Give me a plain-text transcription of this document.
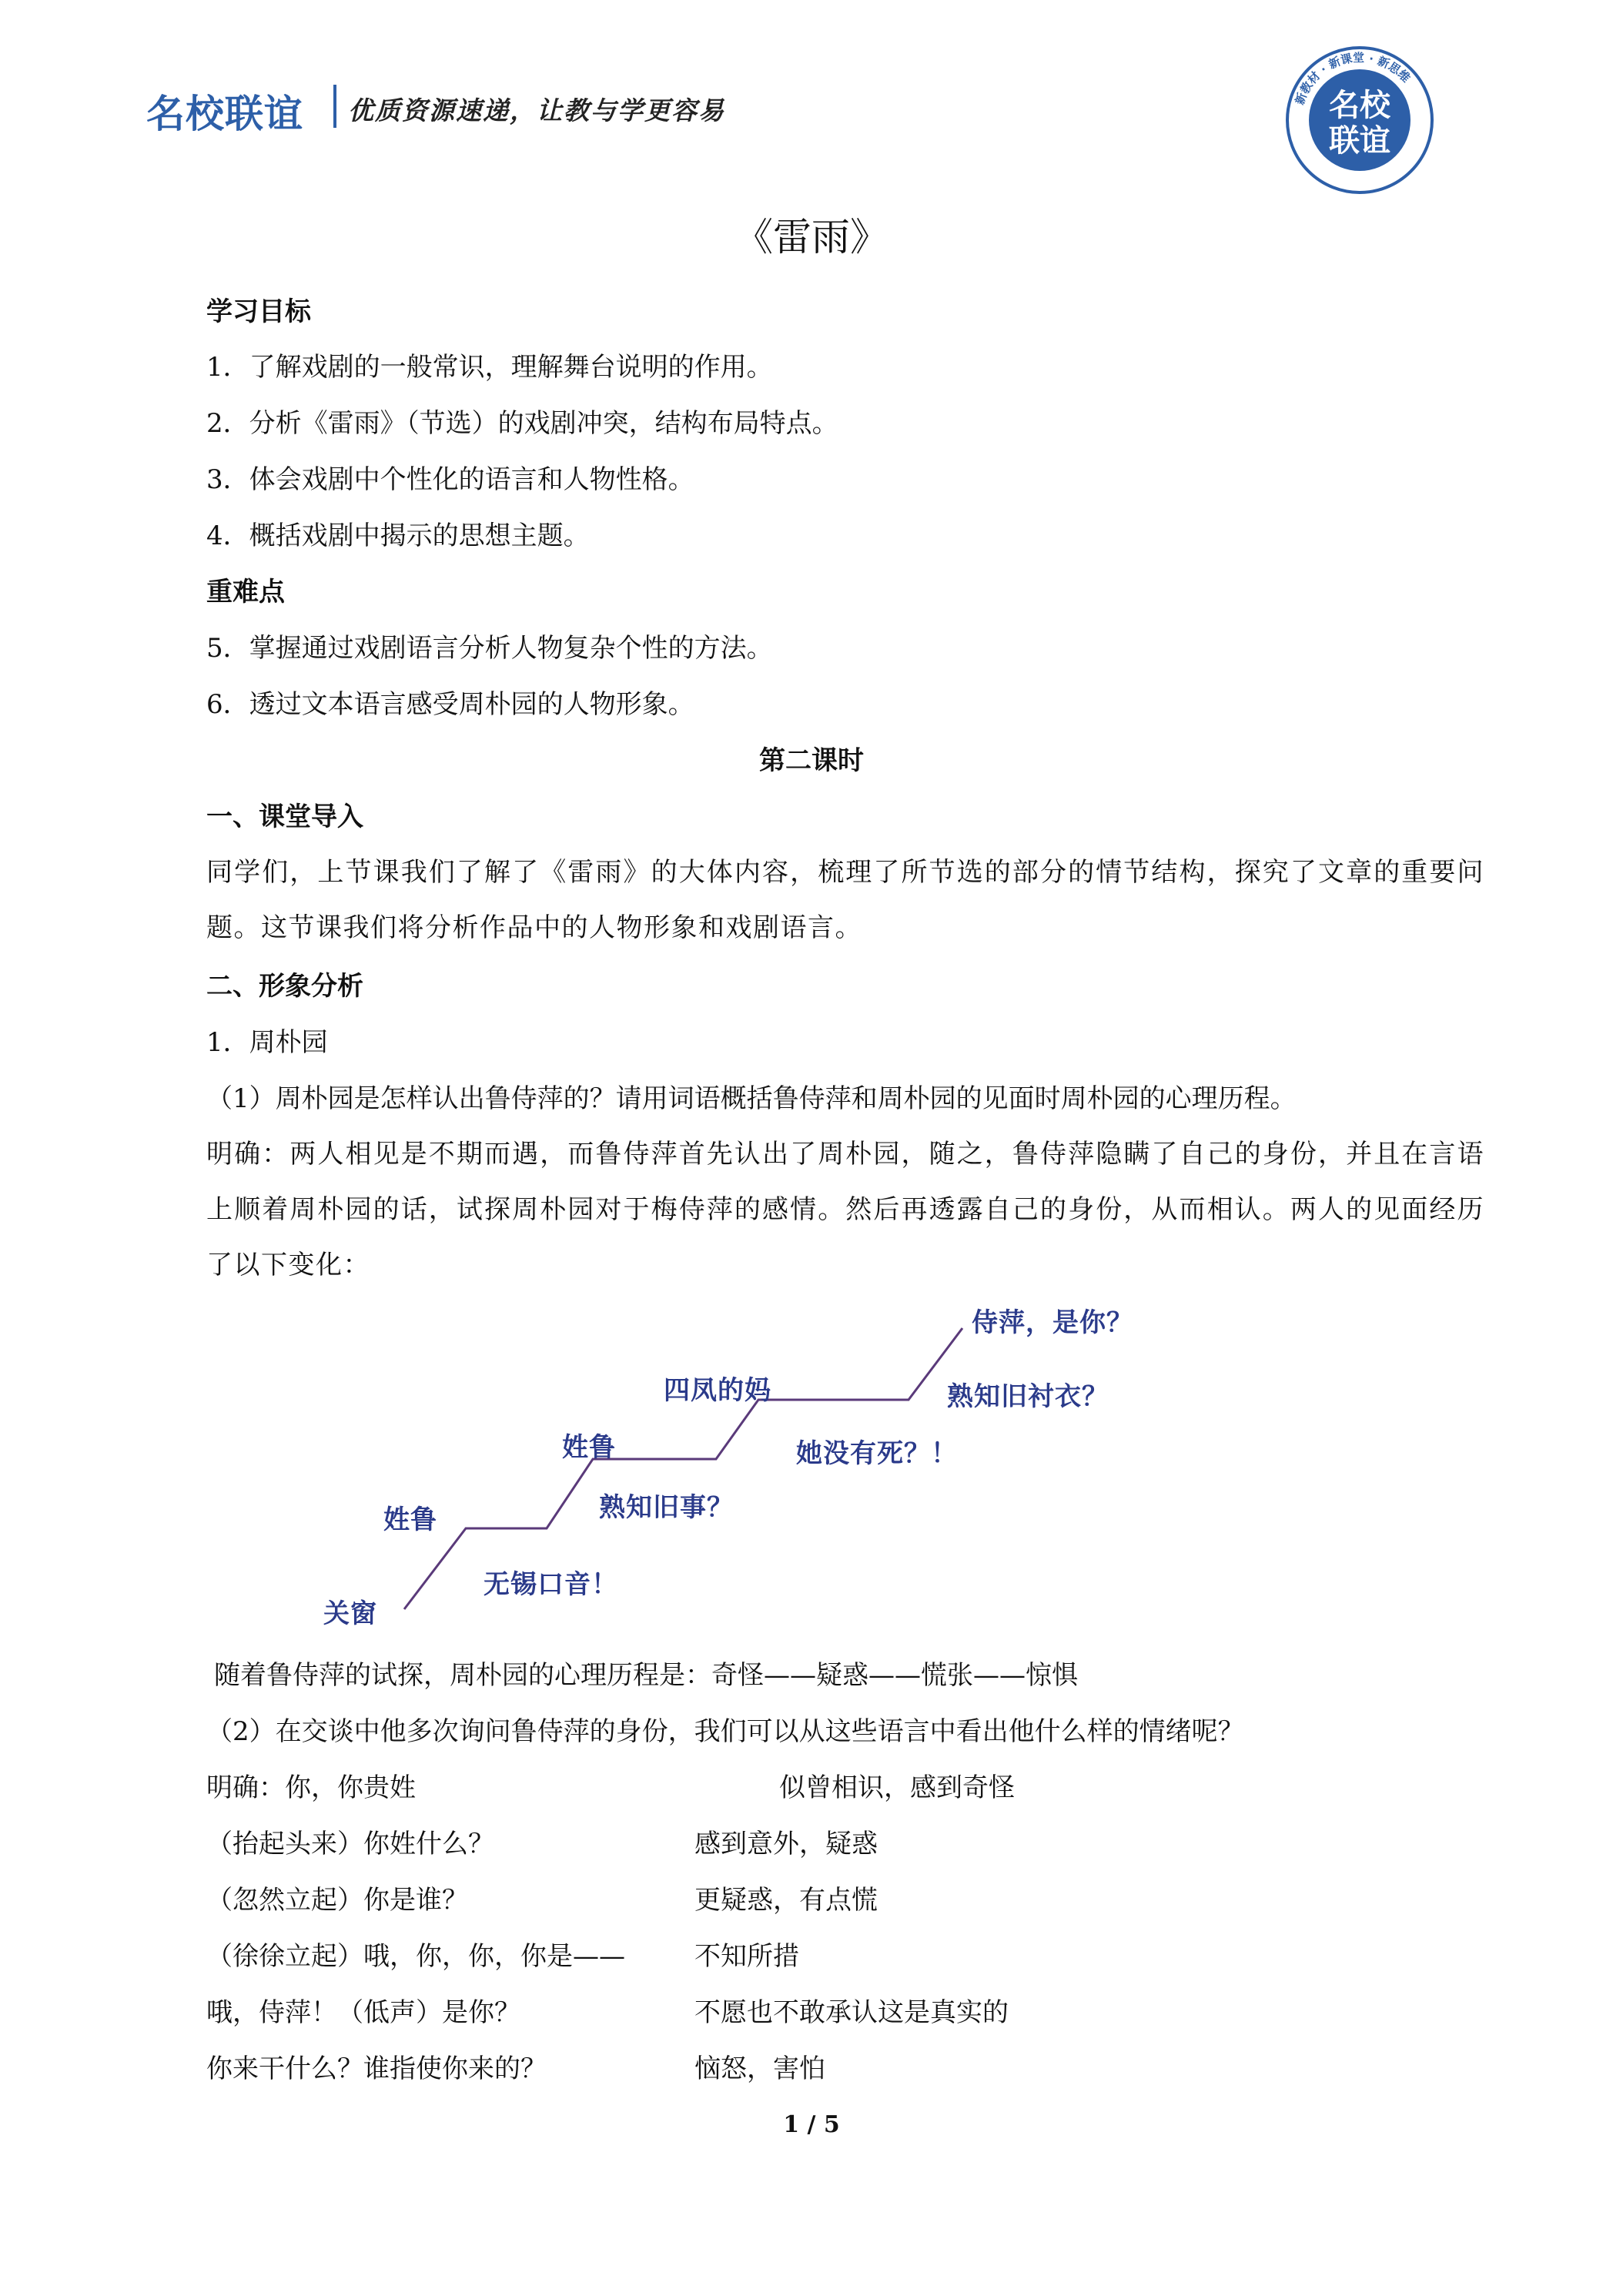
名校联谊 优质资源速递，让教与学更容易	新教材 · 新课堂 · 新思维
名校
联谊
《雷雨》
学习目标
1．了解戏剧的一般常识，理解舞台说明的作用。
2．分析《雷雨》（节选）的戏剧冲突，结构布局特点。
3．体会戏剧中个性化的语言和人物性格。
4．概括戏剧中揭示的思想主题。
重难点
5．掌握通过戏剧语言分析人物复杂个性的方法。
6．透过文本语言感受周朴园的人物形象。
第二课时
一、课堂导入
同学们，上节课我们了解了《雷雨》的大体内容，梳理了所节选的部分的情节结构，探究了文章的重要问题。这节课我们将分析作品中的人物形象和戏剧语言。
二、形象分析
1．周朴园
（1）周朴园是怎样认出鲁侍萍的？请用词语概括鲁侍萍和周朴园的见面时周朴园的心理历程。
明确：两人相见是不期而遇，而鲁侍萍首先认出了周朴园，随之，鲁侍萍隐瞒了自己的身份，并且在言语上顺着周朴园的话，试探周朴园对于梅侍萍的感情。然后再透露自己的身份，从而相认。两人的见面经历了以下变化：
关窗
姓鲁
无锡口音！
姓鲁
熟知旧事？
四凤的妈
她没有死？！
熟知旧衬衣？
侍萍，是你？
随着鲁侍萍的试探，周朴园的心理历程是：奇怪——疑惑——慌张——惊惧
（2）在交谈中他多次询问鲁侍萍的身份，我们可以从这些语言中看出他什么样的情绪呢？
明确：你，你贵姓	似曾相识，感到奇怪
（抬起头来）你姓什么？	感到意外，疑惑
（忽然立起）你是谁？	更疑惑，有点慌
（徐徐立起）哦，你，你，你是——	不知所措
哦，侍萍！（低声）是你？	不愿也不敢承认这是真实的
你来干什么？谁指使你来的？	恼怒，害怕
1 / 5
